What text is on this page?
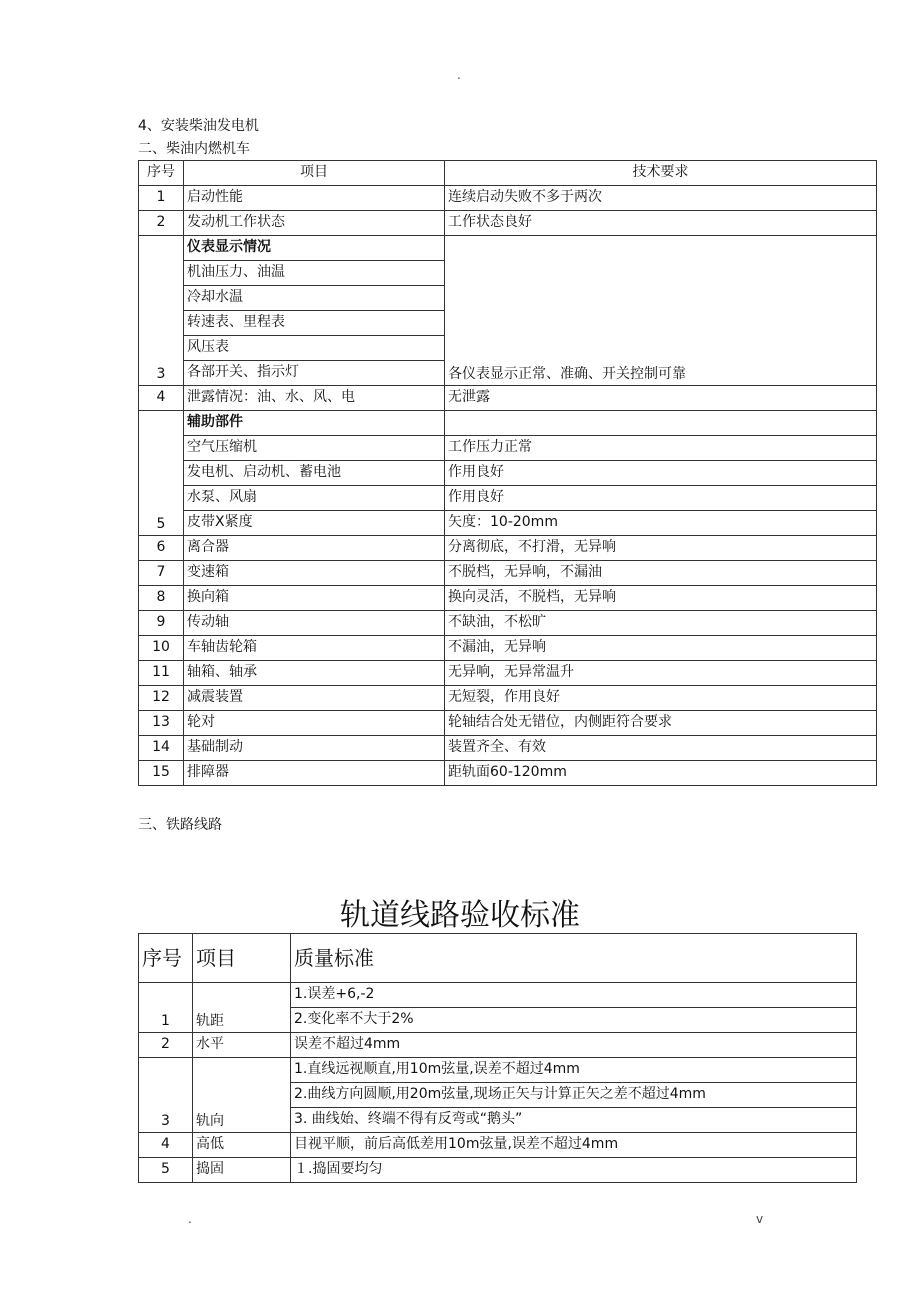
.
4、安装柴油发电机
二、柴油内燃机车
序号	项目	技术要求
1	启动性能	连续启动失败不多于两次
2	发动机工作状态	工作状态良好
3	仪表显示情况	各仪表显示正常、准确、开关控制可靠
	机油压力、油温	
	冷却水温	
	转速表、里程表	
	风压表	
	各部开关、指示灯	
4	泄露情况：油、水、风、电	无泄露
5	辅助部件	
	空气压缩机	工作压力正常
	发电机、启动机、蓄电池	作用良好
	水泵、风扇	作用良好
	皮带X紧度	矢度：10-20mm
6	离合器	分离彻底，不打滑，无异响
7	变速箱	不脱档，无异响，不漏油
8	换向箱	换向灵活，不脱档，无异响
9	传动轴	不缺油，不松旷
10	车轴齿轮箱	不漏油，无异响
11	轴箱、轴承	无异响，无异常温升
12	减震装置	无短裂，作用良好
13	轮对	轮轴结合处无错位，内侧距符合要求
14	基础制动	装置齐全、有效
15	排障器	距轨面60-120mm
三、铁路线路
轨道线路验收标准
序号	项目	质量标准
1	轨距	1.误差+6,-2
		2.变化率不大于2%
2	水平	误差不超过4mm
3	轨向	1.直线远视顺直,用10m弦量,误差不超过4mm
		2.曲线方向圆顺,用20m弦量,现场正矢与计算正矢之差不超过4mm
		3. 曲线始、终端不得有反弯或“鹅头”
4	高低	目视平顺，前后高低差用10m弦量,误差不超过4mm
5	捣固	１.捣固要均匀
.	v
